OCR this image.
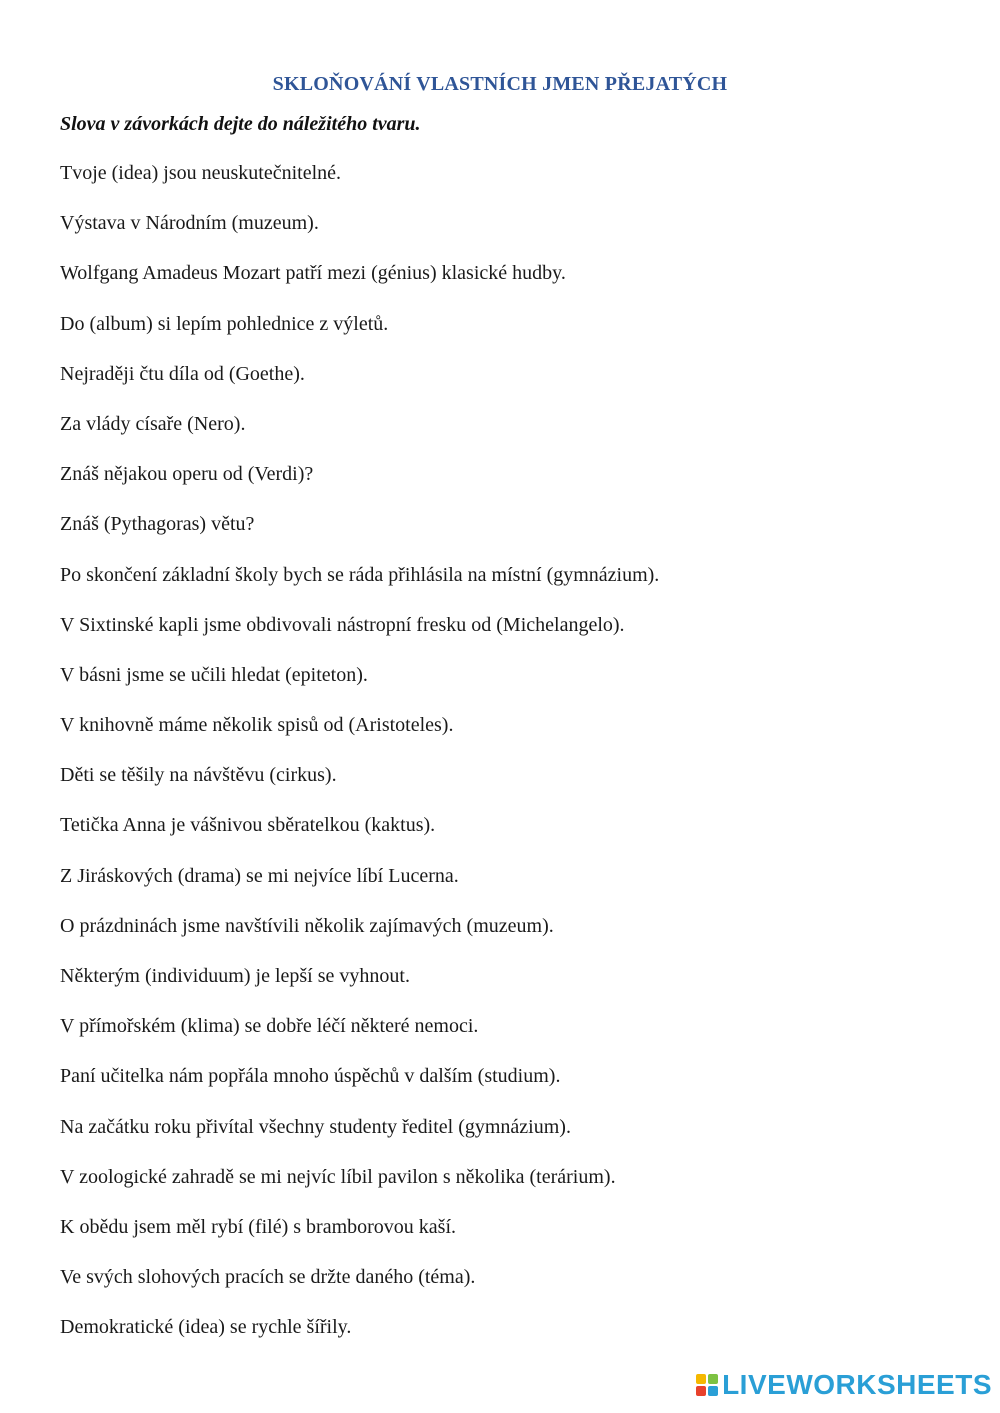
SKLOŇOVÁNÍ VLASTNÍCH JMEN PŘEJATÝCH
Slova v závorkách dejte do náležitého tvaru.
Tvoje (idea) jsou neuskutečnitelné.
Výstava v Národním (muzeum).
Wolfgang Amadeus Mozart patří mezi (génius) klasické hudby.
Do (album) si lepím pohlednice z výletů.
Nejraději čtu díla od (Goethe).
Za vlády císaře (Nero).
Znáš nějakou operu od (Verdi)?
Znáš (Pythagoras) větu?
Po skončení základní školy bych se ráda přihlásila na místní (gymnázium).
V Sixtinské kapli jsme obdivovali nástropní fresku od (Michelangelo).
V básni jsme se učili hledat (epiteton).
V knihovně máme několik spisů od (Aristoteles).
Děti se těšily na návštěvu (cirkus).
Tetička Anna je vášnivou sběratelkou (kaktus).
Z Jiráskových (drama) se mi nejvíce líbí Lucerna.
O prázdninách jsme navštívili několik zajímavých (muzeum).
Některým (individuum) je lepší se vyhnout.
V přímořském (klima) se dobře léčí některé nemoci.
Paní učitelka nám popřála mnoho úspěchů v dalším (studium).
Na začátku roku přivítal všechny studenty ředitel (gymnázium).
V zoologické zahradě se mi nejvíc líbil pavilon s několika (terárium).
K obědu jsem měl rybí (filé) s bramborovou kaší.
Ve svých slohových pracích se držte daného (téma).
Demokratické (idea) se rychle šířily.
LIVEWORKSHEETS
